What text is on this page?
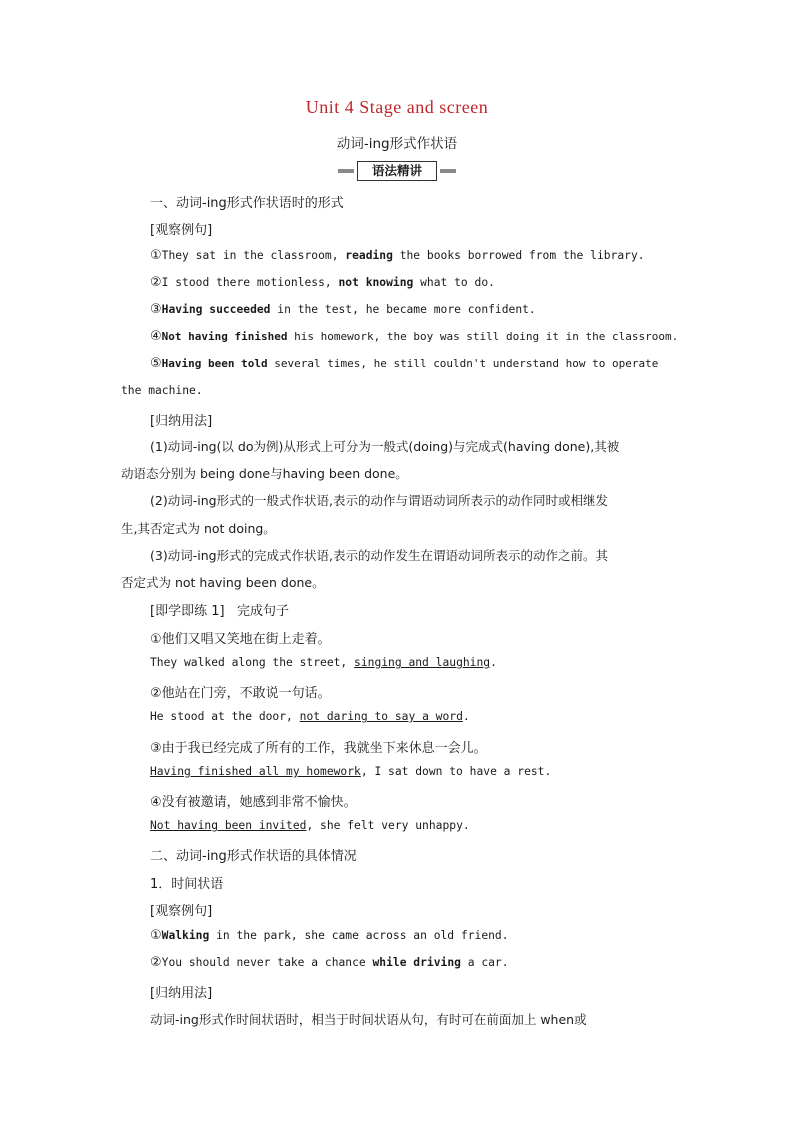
Unit 4 Stage and screen
动词-ing形式作状语
语法精讲
一、动词-ing形式作状语时的形式
[观察例句]
①They sat in the classroom, reading the books borrowed from the library.
②I stood there motionless, not knowing what to do.
③Having succeeded in the test, he became more confident.
④Not having finished his homework, the boy was still doing it in the classroom.
⑤Having been told several times, he still couldn't understand how to operate
the machine.
[归纳用法]
(1)动词-ing(以 do为例)从形式上可分为一般式(doing)与完成式(having done),其被
动语态分别为 being done与having been done。
(2)动词-ing形式的一般式作状语,表示的动作与谓语动词所表示的动作同时或相继发
生,其否定式为 not doing。
(3)动词-ing形式的完成式作状语,表示的动作发生在谓语动词所表示的动作之前。其
否定式为 not having been done。
[即学即练 1] 完成句子
①他们又唱又笑地在街上走着。
They walked along the street, singing and laughing.
②他站在门旁，不敢说一句话。
He stood at the door, not daring to say a word.
③由于我已经完成了所有的工作，我就坐下来休息一会儿。
Having finished all my homework, I sat down to have a rest.
④没有被邀请，她感到非常不愉快。
Not having been invited, she felt very unhappy.
二、动词-ing形式作状语的具体情况
1．时间状语
[观察例句]
①Walking in the park, she came across an old friend.
②You should never take a chance while driving a car.
[归纳用法]
动词-ing形式作时间状语时，相当于时间状语从句，有时可在前面加上 when或
